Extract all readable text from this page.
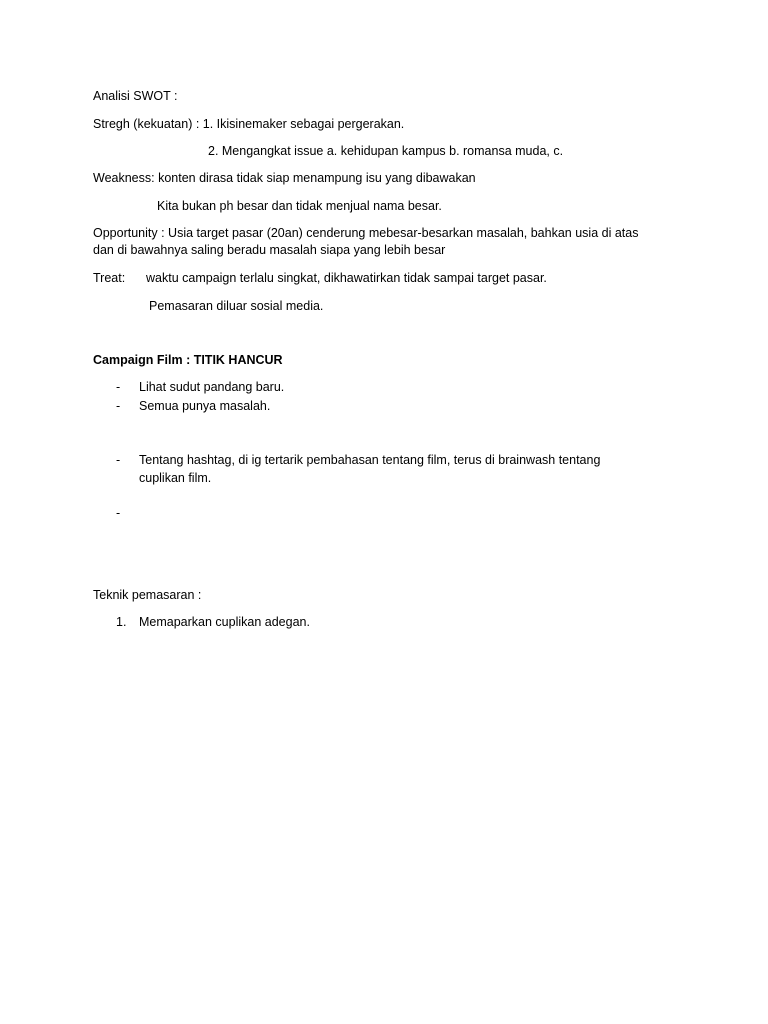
Analisi SWOT :
Stregh (kekuatan) : 1. Ikisinemaker sebagai pergerakan.
2. Mengangkat issue a. kehidupan kampus b. romansa muda, c.
Weakness: konten dirasa tidak siap menampung isu yang dibawakan
Kita bukan ph besar dan tidak menjual nama besar.
Opportunity : Usia target pasar (20an) cenderung mebesar-besarkan masalah, bahkan usia di atas
dan di bawahnya saling beradu masalah siapa yang lebih besar
Treat: waktu campaign terlalu singkat, dikhawatirkan tidak sampai target pasar.
Pemasaran diluar sosial media.
Campaign Film : TITIK HANCUR
- Lihat sudut pandang baru.
- Semua punya masalah.
- Tentang hashtag, di ig tertarik pembahasan tentang film, terus di brainwash tentang
cuplikan film.
-
Teknik pemasaran :
1. Memaparkan cuplikan adegan.
